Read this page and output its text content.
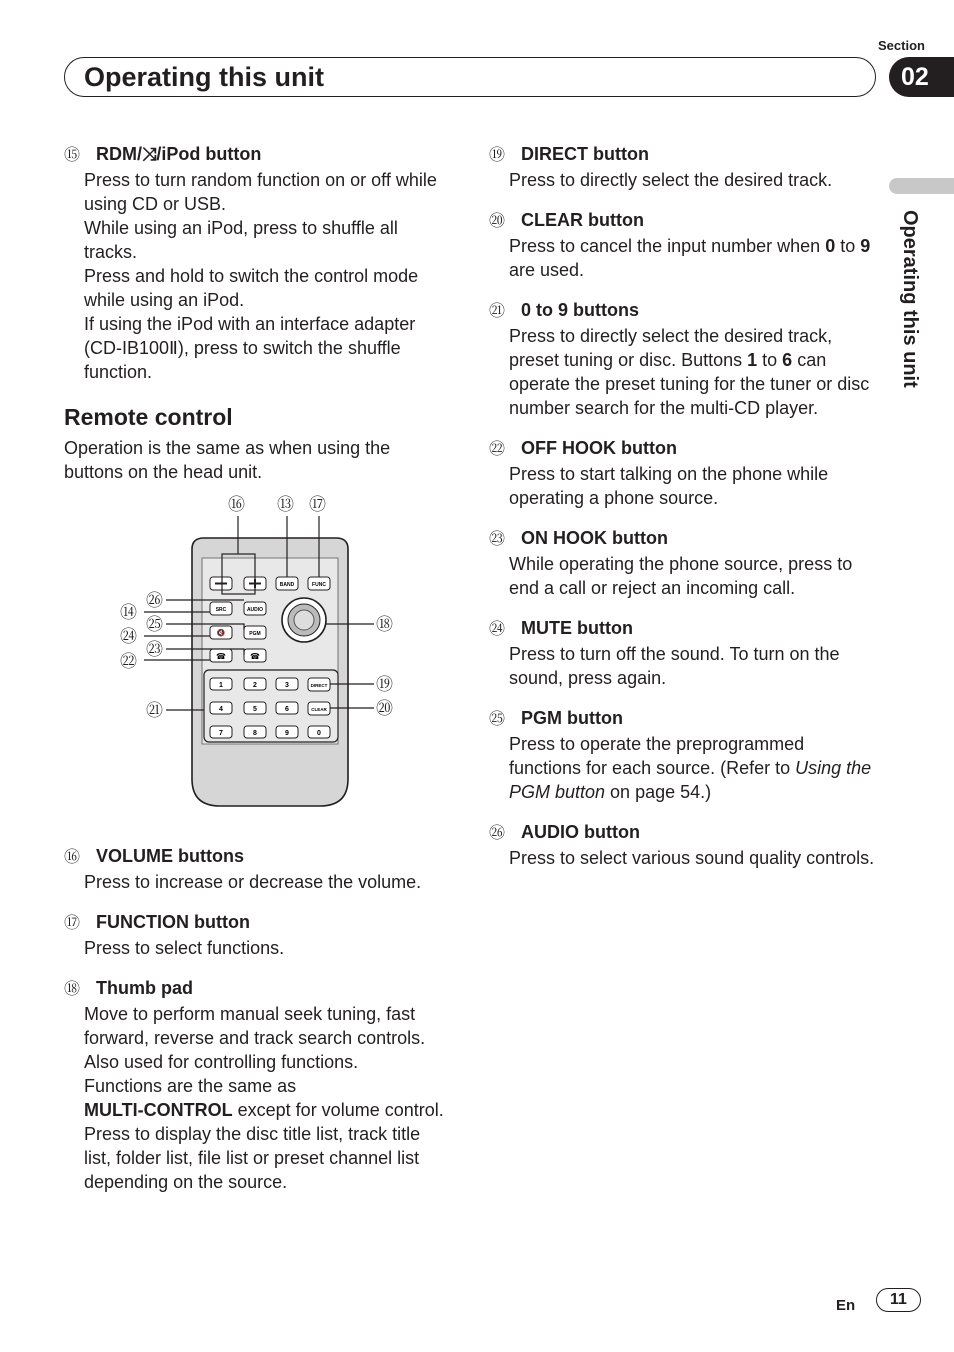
Section
Operating this unit	02
Operating this unit
⑮ RDM/⤨/iPod button
Press to turn random function on or off while using CD or USB.
While using an iPod, press to shuffle all tracks.
Press and hold to switch the control mode while using an iPod.
If using the iPod with an interface adapter (CD-IB100Ⅱ), press to switch the shuffle function.
Remote control
Operation is the same as when using the buttons on the head unit.
BAND	FUNC
SRC	AUDIO
🔇	PGM
☎	☎
1	2	3
4	5	6
7	8	9	0
DIRECT
CLEAR
⑯ ⑬ ⑰
㉖
⑭
㉕
㉔
㉓
㉒
㉑
⑱
⑲
⑳
⑯ VOLUME buttons
Press to increase or decrease the volume.
⑰ FUNCTION button
Press to select functions.
⑱ Thumb pad
Move to perform manual seek tuning, fast forward, reverse and track search controls.
Also used for controlling functions.
Functions are the same as
MULTI-CONTROL except for volume control.
Press to display the disc title list, track title list, folder list, file list or preset channel list depending on the source.
⑲ DIRECT button
Press to directly select the desired track.
⑳ CLEAR button
Press to cancel the input number when 0 to 9 are used.
㉑ 0 to 9 buttons
Press to directly select the desired track, preset tuning or disc. Buttons 1 to 6 can operate the preset tuning for the tuner or disc number search for the multi-CD player.
㉒ OFF HOOK button
Press to start talking on the phone while operating a phone source.
㉓ ON HOOK button
While operating the phone source, press to end a call or reject an incoming call.
㉔ MUTE button
Press to turn off the sound. To turn on the sound, press again.
㉕ PGM button
Press to operate the preprogrammed functions for each source. (Refer to Using the PGM button on page 54.)
㉖ AUDIO button
Press to select various sound quality controls.
En	11
